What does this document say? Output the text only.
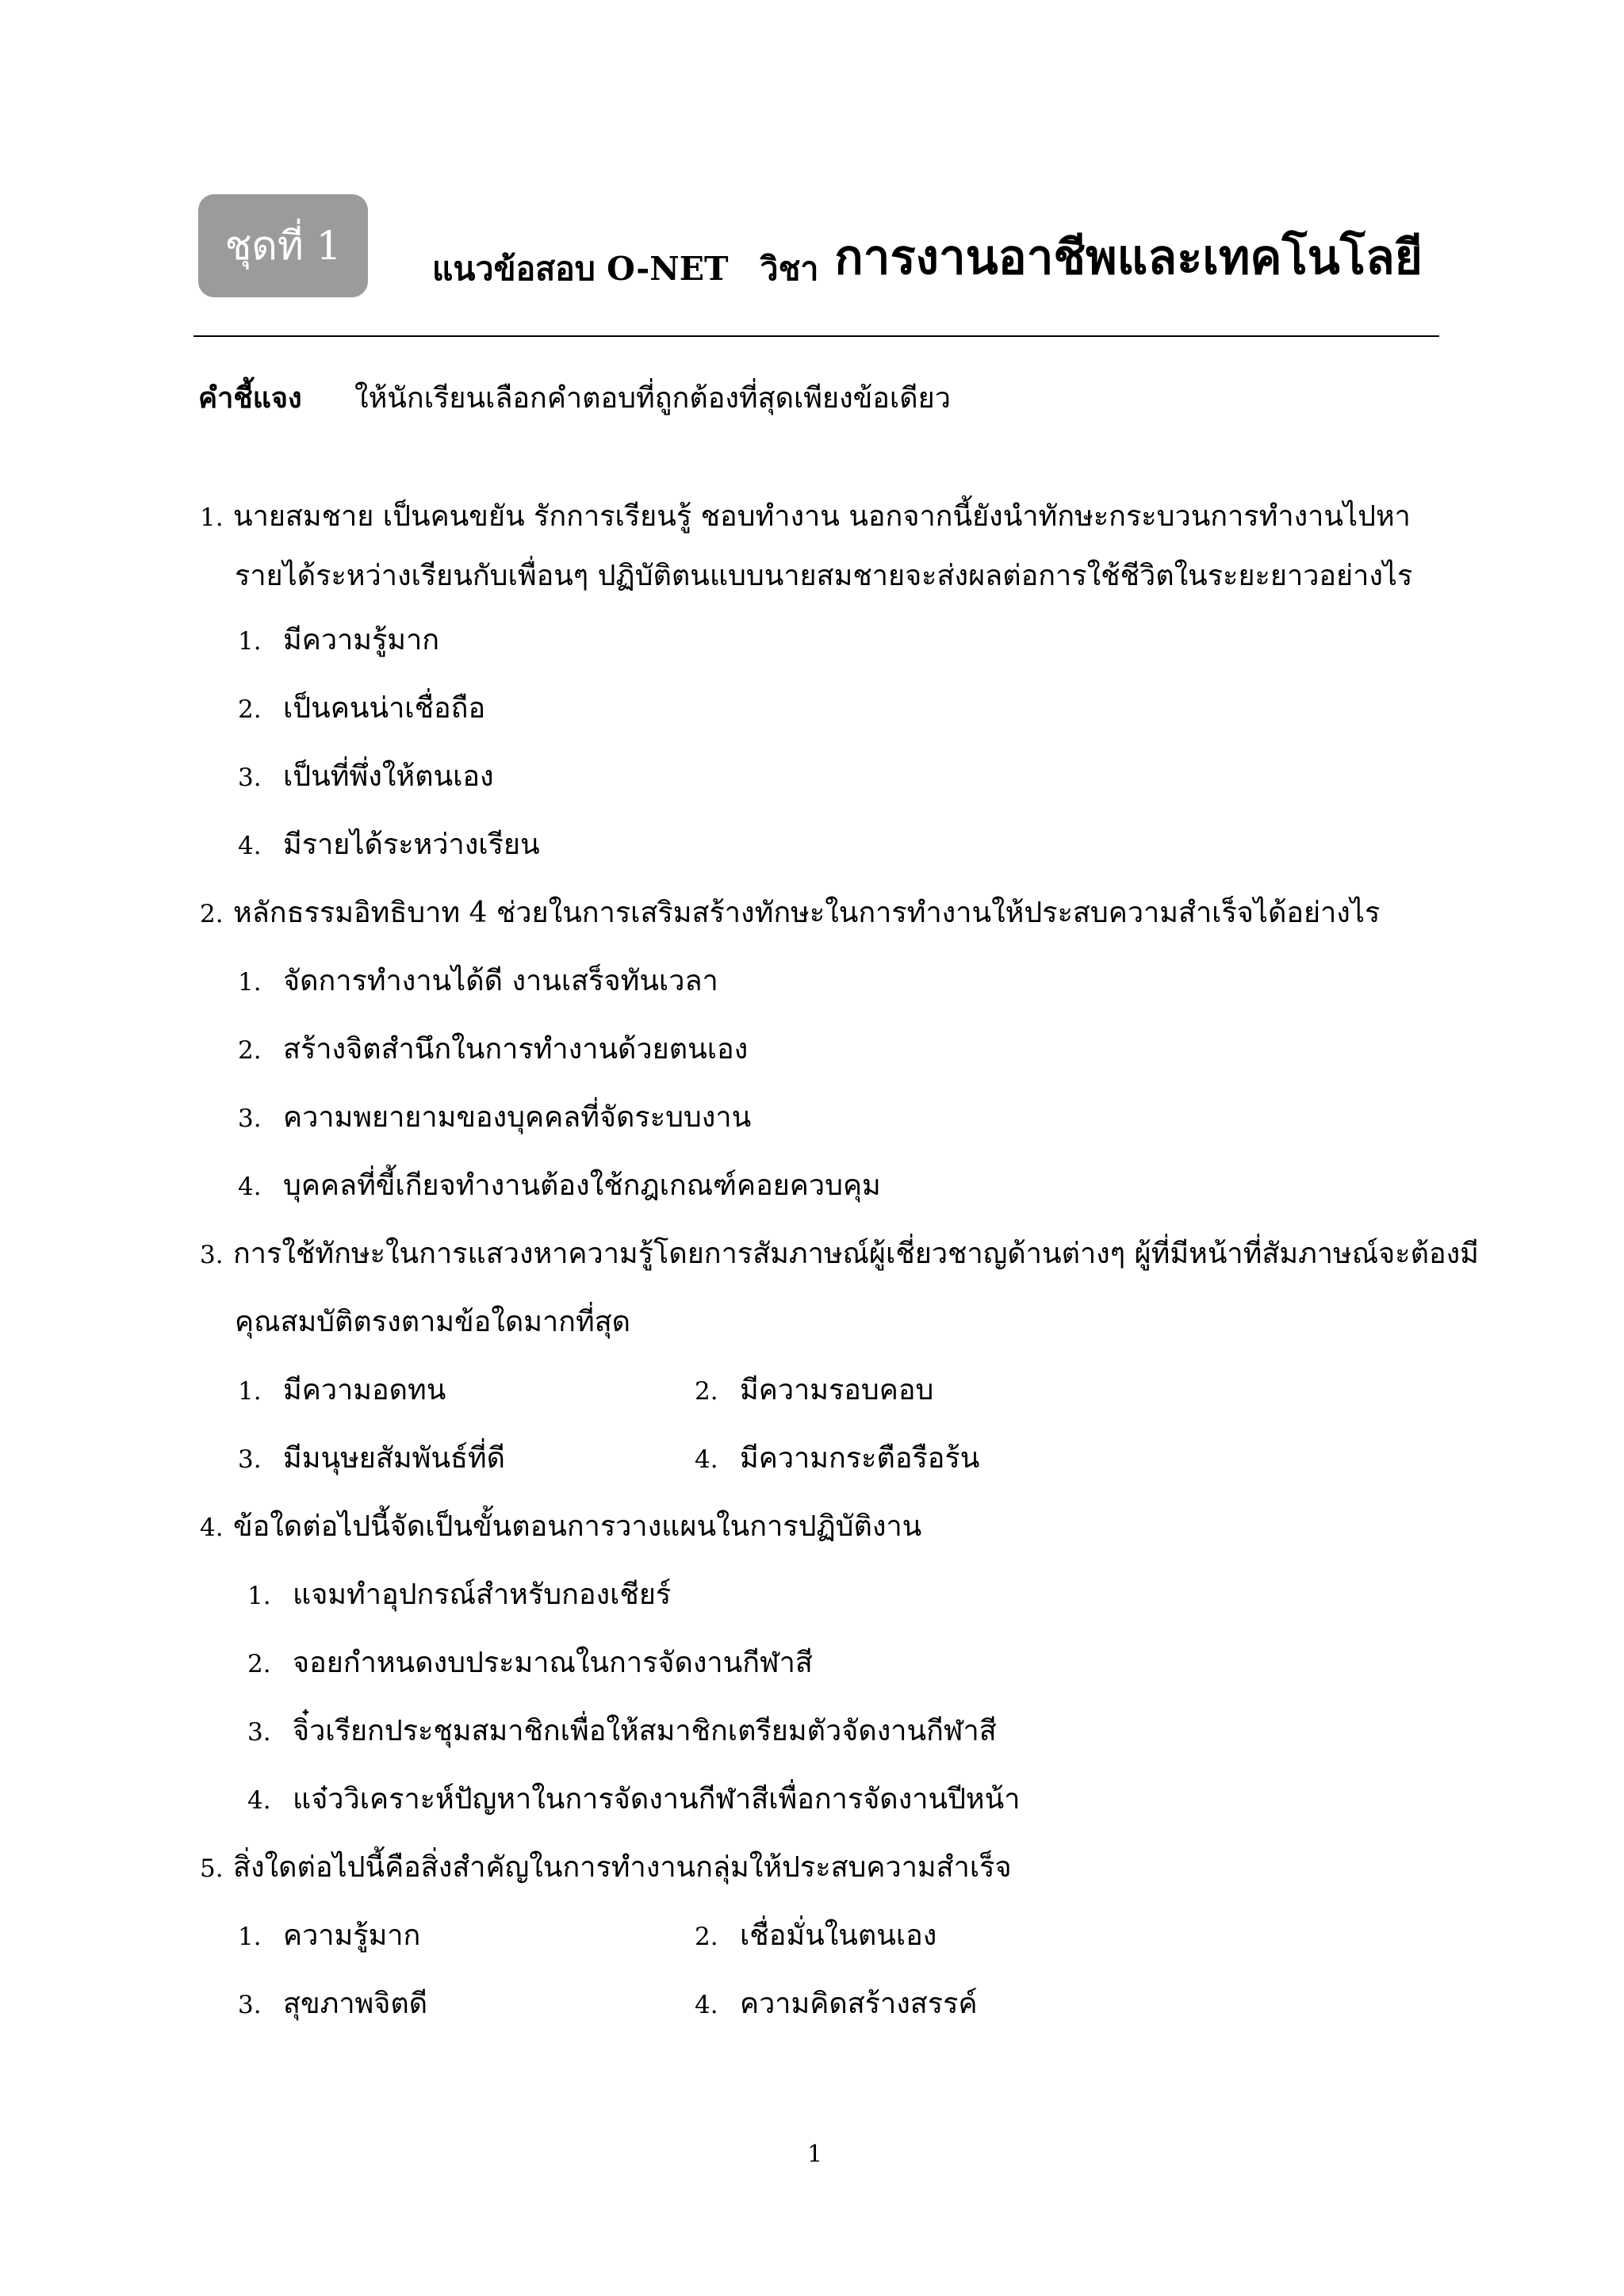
ชุดที่ 1
แนวข้อสอบ O-NET วิชา การงานอาชีพและเทคโนโลยี
คำชี้แจง ให้นักเรียนเลือกคำตอบที่ถูกต้องที่สุดเพียงข้อเดียว
1. นายสมชาย เป็นคนขยัน รักการเรียนรู้ ชอบทำงาน นอกจากนี้ยังนำทักษะกระบวนการทำงานไปหา
รายได้ระหว่างเรียนกับเพื่อนๆ ปฏิบัติตนแบบนายสมชายจะส่งผลต่อการใช้ชีวิตในระยะยาวอย่างไร
1. มีความรู้มาก
2. เป็นคนน่าเชื่อถือ
3. เป็นที่พึ่งให้ตนเอง
4. มีรายได้ระหว่างเรียน
2. หลักธรรมอิทธิบาท 4 ช่วยในการเสริมสร้างทักษะในการทำงานให้ประสบความสำเร็จได้อย่างไร
1. จัดการทำงานได้ดี งานเสร็จทันเวลา
2. สร้างจิตสำนึกในการทำงานด้วยตนเอง
3. ความพยายามของบุคคลที่จัดระบบงาน
4. บุคคลที่ขี้เกียจทำงานต้องใช้กฎเกณฑ์คอยควบคุม
3. การใช้ทักษะในการแสวงหาความรู้โดยการสัมภาษณ์ผู้เชี่ยวชาญด้านต่างๆ ผู้ที่มีหน้าที่สัมภาษณ์จะต้องมี
คุณสมบัติตรงตามข้อใดมากที่สุด
1. มีความอดทน	2. มีความรอบคอบ
3. มีมนุษยสัมพันธ์ที่ดี	4. มีความกระตือรือร้น
4. ข้อใดต่อไปนี้จัดเป็นขั้นตอนการวางแผนในการปฏิบัติงาน
1. แจมทำอุปกรณ์สำหรับกองเชียร์
2. จอยกำหนดงบประมาณในการจัดงานกีฬาสี
3. จิ๋วเรียกประชุมสมาชิกเพื่อให้สมาชิกเตรียมตัวจัดงานกีฬาสี
4. แจ๋ววิเคราะห์ปัญหาในการจัดงานกีฬาสีเพื่อการจัดงานปีหน้า
5. สิ่งใดต่อไปนี้คือสิ่งสำคัญในการทำงานกลุ่มให้ประสบความสำเร็จ
1. ความรู้มาก	2. เชื่อมั่นในตนเอง
3. สุขภาพจิตดี	4. ความคิดสร้างสรรค์
1
